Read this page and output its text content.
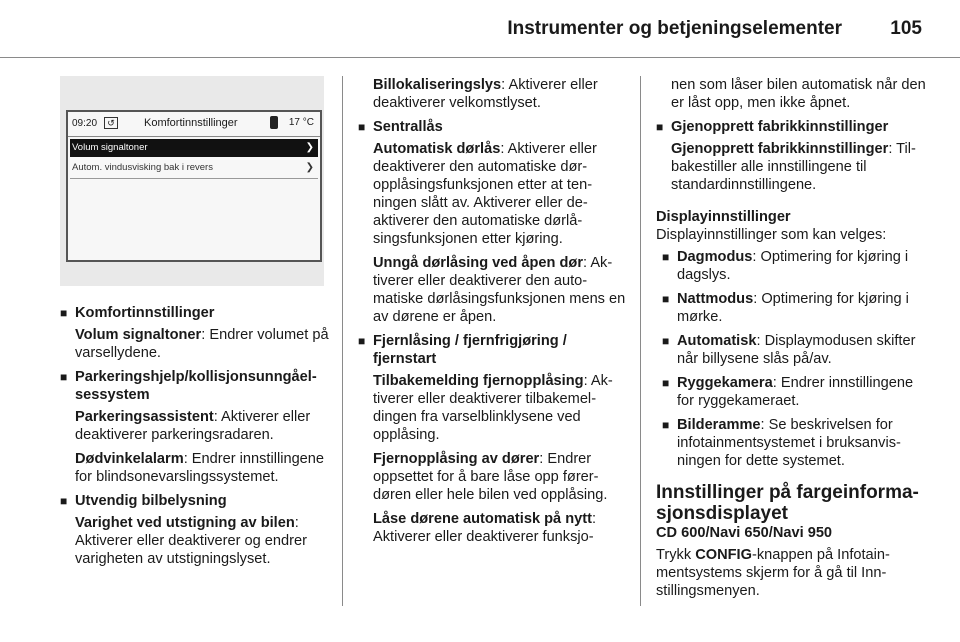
Instrumenter og betjeningselementer	105
09:20	↺	Komfortinnstillinger	17 °C
Volum signaltoner	❯
Autom. vindusvisking bak i revers	❯

■ Komfortinnstillinger

Volum signaltoner: Endrer volumet på varsellydene.

■ Parkeringshjelp/kollisjonsunngåelsessystem

Parkeringsassistent: Aktiverer eller deaktiverer parkeringsradaren.

Dødvinkelalarm: Endrer innstillingene for blindsonevarslingssystemet.

■ Utvendig bilbelysning

Varighet ved utstigning av bilen: Aktiverer eller deaktiverer og endrer varigheten av utstigningslyset.

Billokaliseringslys: Aktiverer eller deaktiverer velkomstlyset.

■ Sentrallås

Automatisk dørlås: Aktiverer eller deaktiverer den automatiske døropplåsingsfunksjonen etter at tenningen slått av. Aktiverer eller deaktiverer den automatiske dørlåsingsfunksjonen etter kjøring.

Unngå dørlåsing ved åpen dør: Aktiverer eller deaktiverer den automatiske dørlåsingsfunksjonen mens en av dørene er åpen.

■ Fjernlåsing / fjernfrigjøring / fjernstart

Tilbakemelding fjernopplåsing: Aktiverer eller deaktiverer tilbakemeldingen fra varselblinklysene ved opplåsing.

Fjernopplåsing av dører: Endrer oppsettet for å bare låse opp førerdøren eller hele bilen ved opplåsing.

Låse dørene automatisk på nytt: Aktiverer eller deaktiverer funksjo-

nen som låser bilen automatisk når den er låst opp, men ikke åpnet.

■ Gjenopprett fabrikkinnstillinger

Gjenopprett fabrikkinnstillinger: Tilbakestiller alle innstillingene til standardinnstillingene.

Displayinnstillinger

Displayinnstillinger som kan velges:

■ Dagmodus: Optimering for kjøring i dagslys.

■ Nattmodus: Optimering for kjøring i mørke.

■ Automatisk: Displaymodusen skifter når billysene slås på/av.

■ Ryggekamera: Endrer innstillingene for ryggekameraet.

■ Bilderamme: Se beskrivelsen for infotainmentsystemet i bruksanvisningen for dette systemet.

Innstillinger på fargeinformasjonsdisplayet

CD 600/Navi 650/Navi 950

Trykk CONFIG-knappen på Infotainmentsystems skjerm for å gå til Innstillingsmenyen.
